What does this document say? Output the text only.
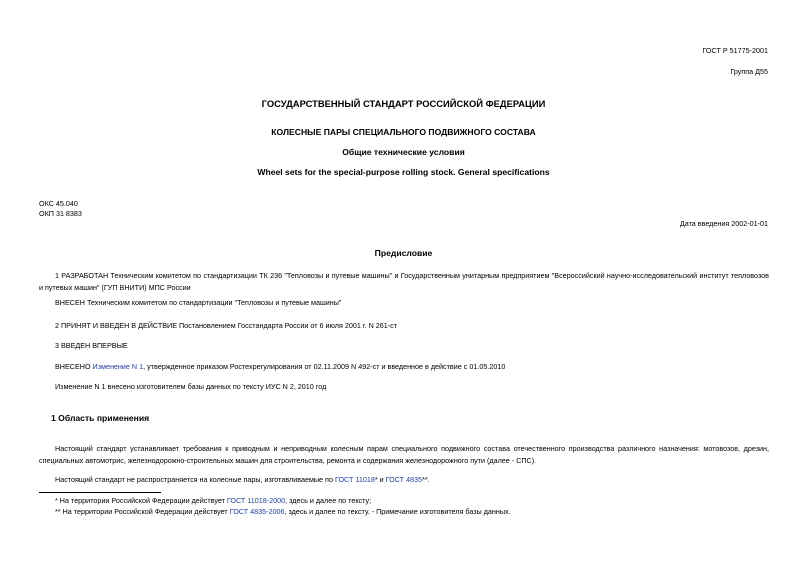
ГОСТ Р 51775-2001
Группа Д55
ГОСУДАРСТВЕННЫЙ СТАНДАРТ РОССИЙСКОЙ ФЕДЕРАЦИИ
КОЛЕСНЫЕ ПАРЫ СПЕЦИАЛЬНОГО ПОДВИЖНОГО СОСТАВА
Общие технические условия
Wheel sets for the special-purpose rolling stock. General specifications
ОКС 45.040
ОКП 31 8383
Дата введения 2002-01-01
Предисловие
1 РАЗРАБОТАН Техническим комитетом по стандартизации ТК 236 "Тепловозы и путевые машины" и Государственным унитарным предприятием "Всероссийский научно-исследовательский институт тепловозов и путевых машин" (ГУП ВНИТИ) МПС России
ВНЕСЕН Техническим комитетом по стандартизации "Тепловозы и путевые машины"
2 ПРИНЯТ И ВВЕДЕН В ДЕЙСТВИЕ Постановлением Госстандарта России от 6 июля 2001 г. N 261-ст
3 ВВЕДЕН ВПЕРВЫЕ
ВНЕСЕНО Изменение N 1, утвержденное приказом Ростехрегулирования от 02.11.2009 N 492-ст и введенное в действие с 01.05.2010
Изменение N 1 внесено изготовителем базы данных по тексту ИУС N 2, 2010 год
1 Область применения
Настоящий стандарт устанавливает требования к приводным и неприводным колесным парам специального подвижного состава отечественного производства различного назначения: мотовозов, дрезин, специальных автомотрис, железнодорожно-строительных машин для строительства, ремонта и содержания железнодорожного пути (далее - СПС).
Настоящий стандарт не распространяется на колесные пары, изготавливаемые по ГОСТ 11018* и ГОСТ 4835**.
* На территории Российской Федерации действует ГОСТ 11018-2000, здесь и далее по тексту;
** На территории Российской Федерации действует ГОСТ 4835-2006, здесь и далее по тексту. - Примечание изготовителя базы данных.
